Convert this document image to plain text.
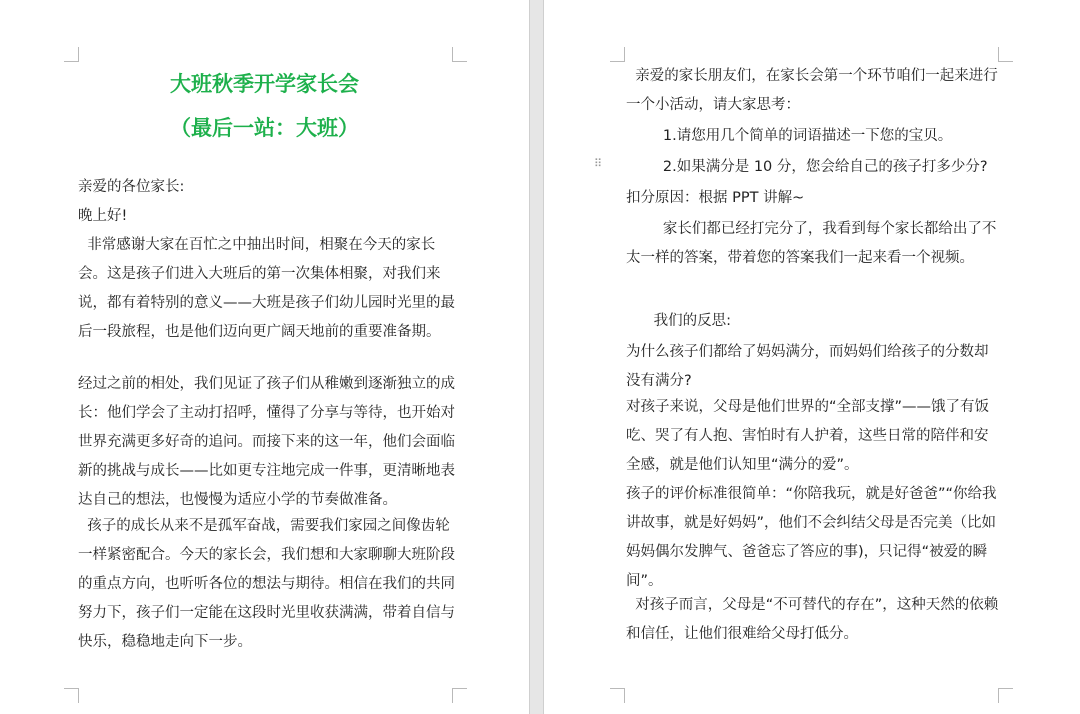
大班秋季开学家长会
（最后一站：大班）

亲爱的各位家长:

晚上好!

非常感谢大家在百忙之中抽出时间，相聚在今天的家长会。这是孩子们进入大班后的第一次集体相聚，对我们来说，都有着特别的意义——大班是孩子们幼儿园时光里的最后一段旅程，也是他们迈向更广阔天地前的重要准备期。

经过之前的相处，我们见证了孩子们从稚嫩到逐渐独立的成长：他们学会了主动打招呼，懂得了分享与等待，也开始对世界充满更多好奇的追问。而接下来的这一年，他们会面临新的挑战与成长——比如更专注地完成一件事，更清晰地表达自己的想法，也慢慢为适应小学的节奏做准备。

孩子的成长从来不是孤军奋战，需要我们家园之间像齿轮一样紧密配合。今天的家长会，我们想和大家聊聊大班阶段的重点方向，也听听各位的想法与期待。相信在我们的共同努力下，孩子们一定能在这段时光里收获满满，带着自信与快乐，稳稳地走向下一步。

⠿

亲爱的家长朋友们，在家长会第一个环节咱们一起来进行一个小活动，请大家思考：

1.请您用几个简单的词语描述一下您的宝贝。

2.如果满分是 10 分，您会给自己的孩子打多少分?

扣分原因：根据 PPT 讲解~

家长们都已经打完分了，我看到每个家长都给出了不太一样的答案，带着您的答案我们一起来看一个视频。

我们的反思:

为什么孩子们都给了妈妈满分，而妈妈们给孩子的分数却没有满分?

对孩子来说，父母是他们世界的“全部支撑”——饿了有饭吃、哭了有人抱、害怕时有人护着，这些日常的陪伴和安全感，就是他们认知里“满分的爱”。

孩子的评价标准很简单：“你陪我玩，就是好爸爸”“你给我讲故事，就是好妈妈”，他们不会纠结父母是否完美（比如妈妈偶尔发脾气、爸爸忘了答应的事)，只记得“被爱的瞬间”。

对孩子而言，父母是“不可替代的存在”，这种天然的依赖和信任，让他们很难给父母打低分。
